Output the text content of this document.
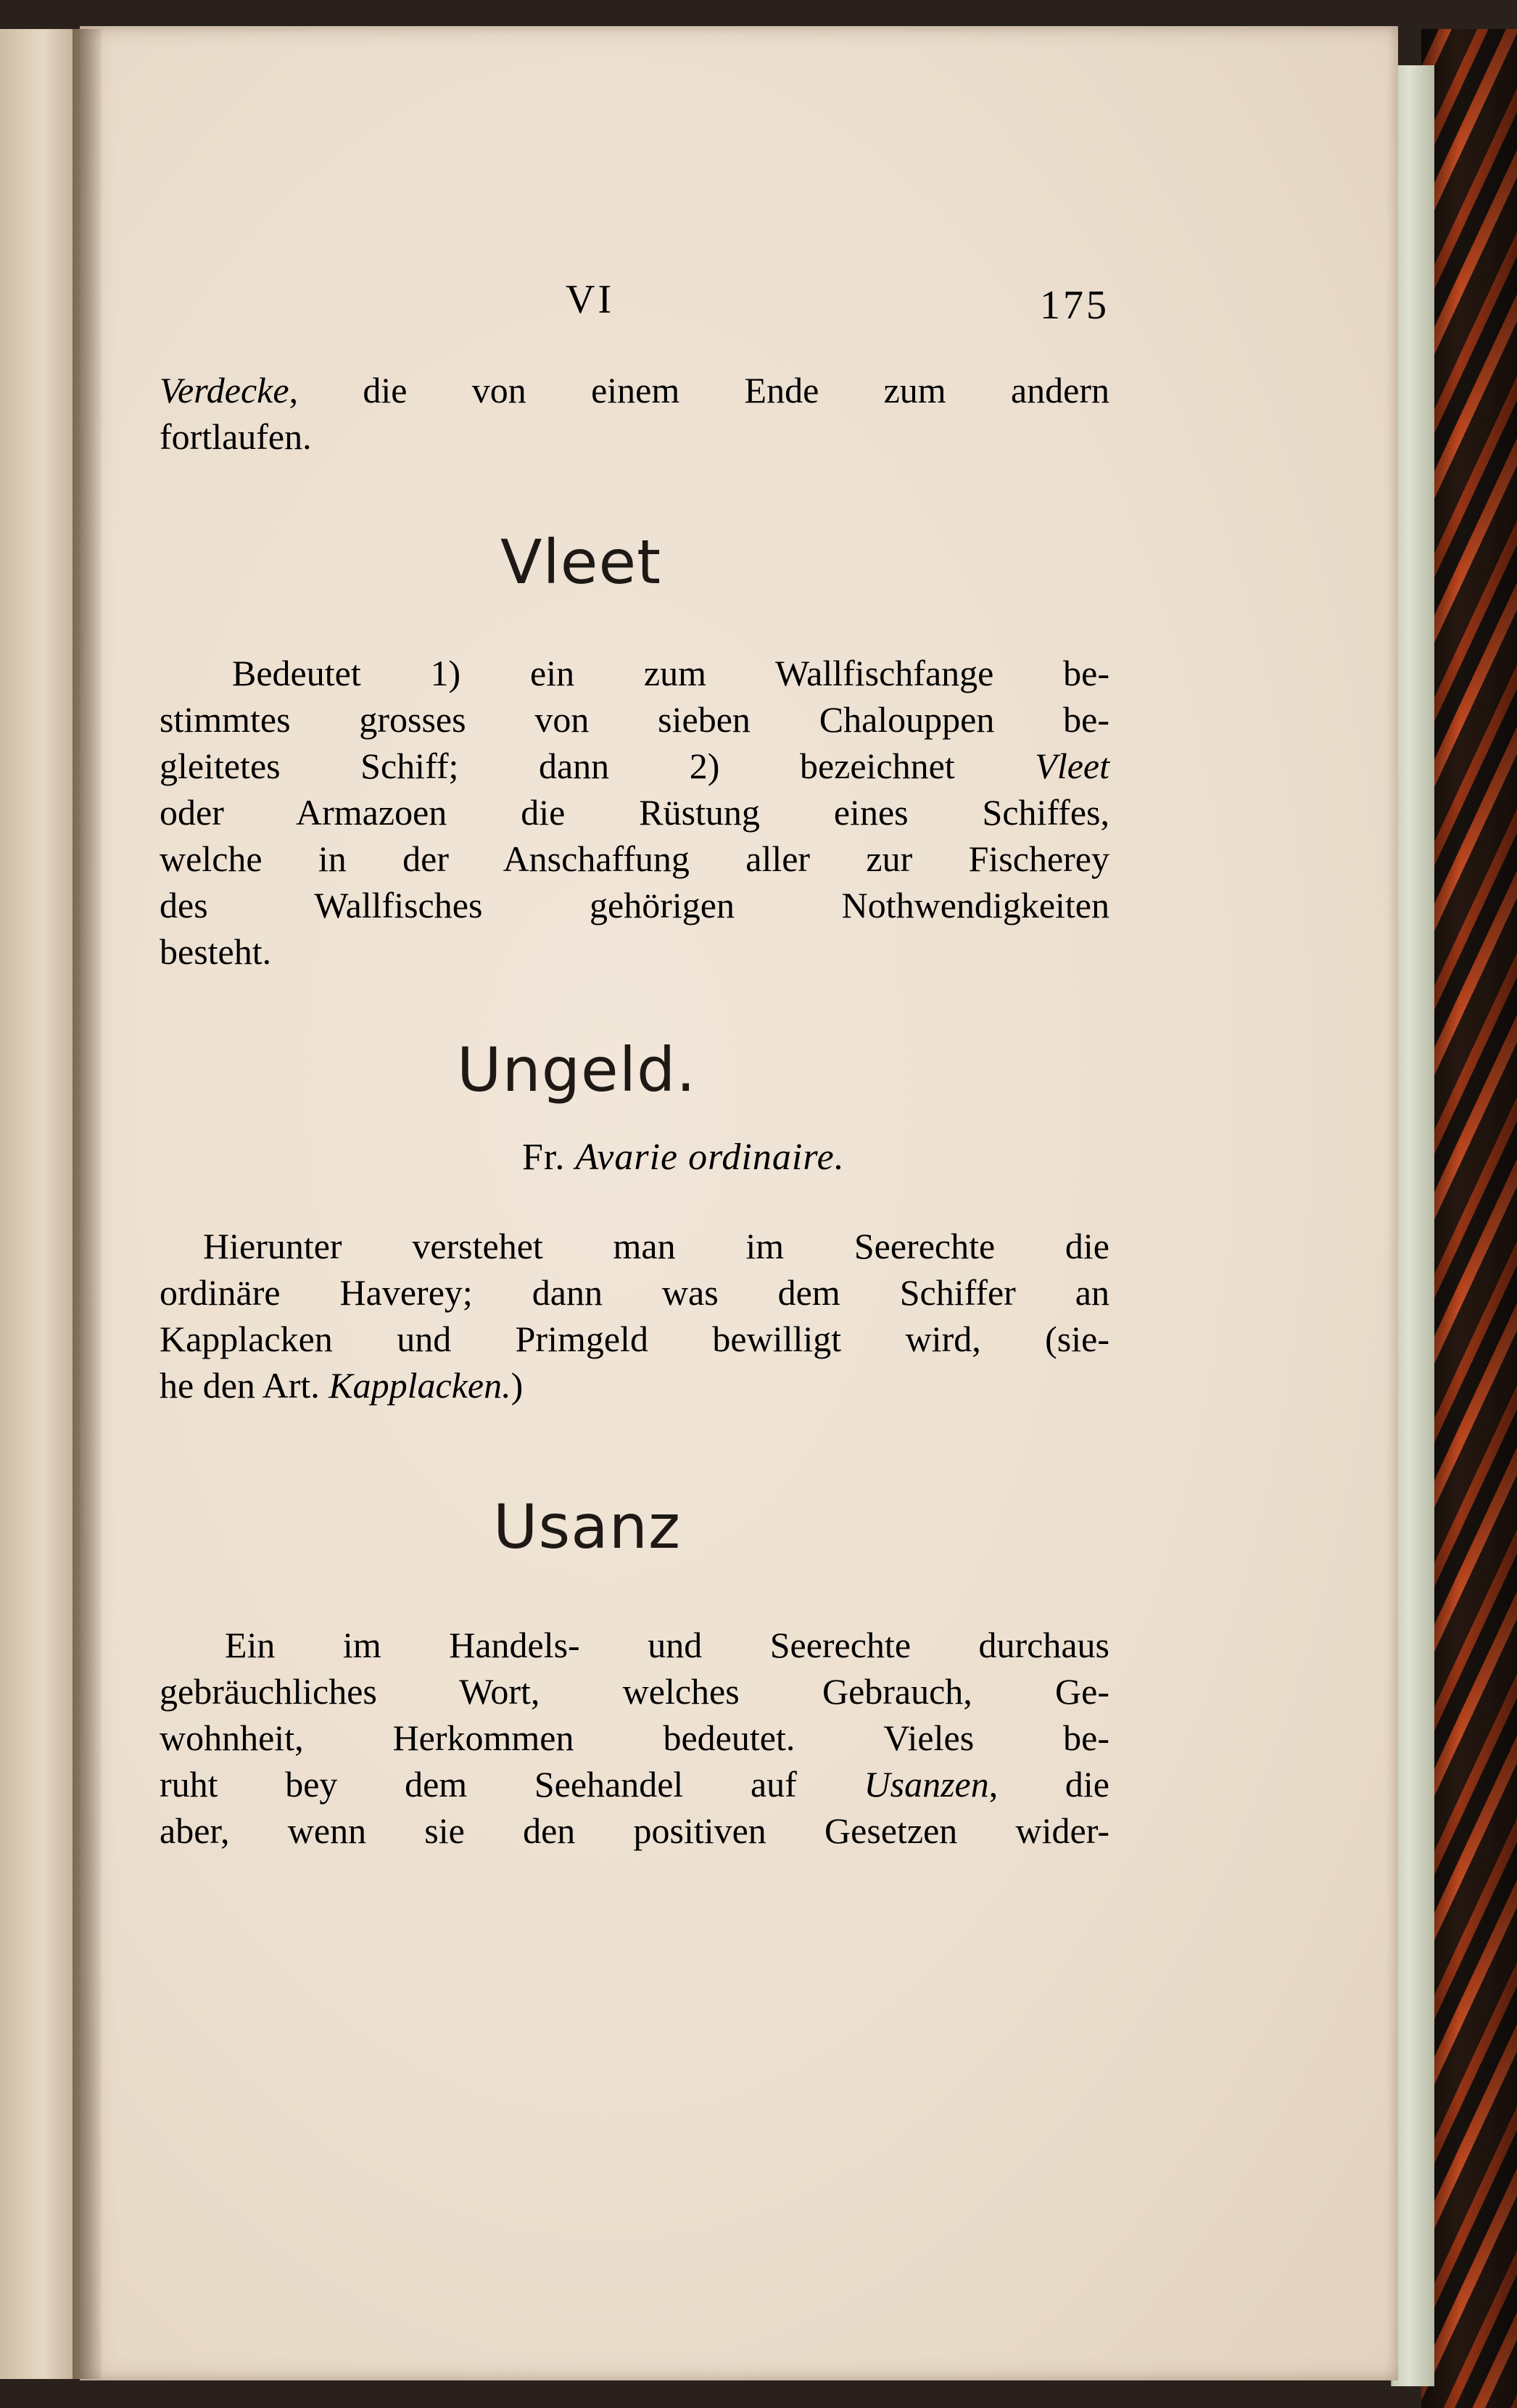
VI	175
Verdecke, die von einem Ende zum andern
fortlaufen.
Vleet
Bedeutet 1) ein zum Wallfischfange be-
stimmtes grosses von sieben Chalouppen be-
gleitetes Schiff; dann 2) bezeichnet Vleet
oder Armazoen die Rüstung eines Schiffes,
welche in der Anschaffung aller zur Fischerey
des Wallfisches gehörigen Nothwendigkeiten
besteht.
Ungeld.
Fr. Avarie ordinaire.
Hierunter verstehet man im Seerechte die
ordinäre Haverey; dann was dem Schiffer an
Kapplacken und Primgeld bewilligt wird, (sie-
he den Art. Kapplacken.)
Usanz
Ein im Handels- und Seerechte durchaus
gebräuchliches Wort, welches Gebrauch, Ge-
wohnheit, Herkommen bedeutet. Vieles be-
ruht bey dem Seehandel auf Usanzen, die
aber, wenn sie den positiven Gesetzen wider-
